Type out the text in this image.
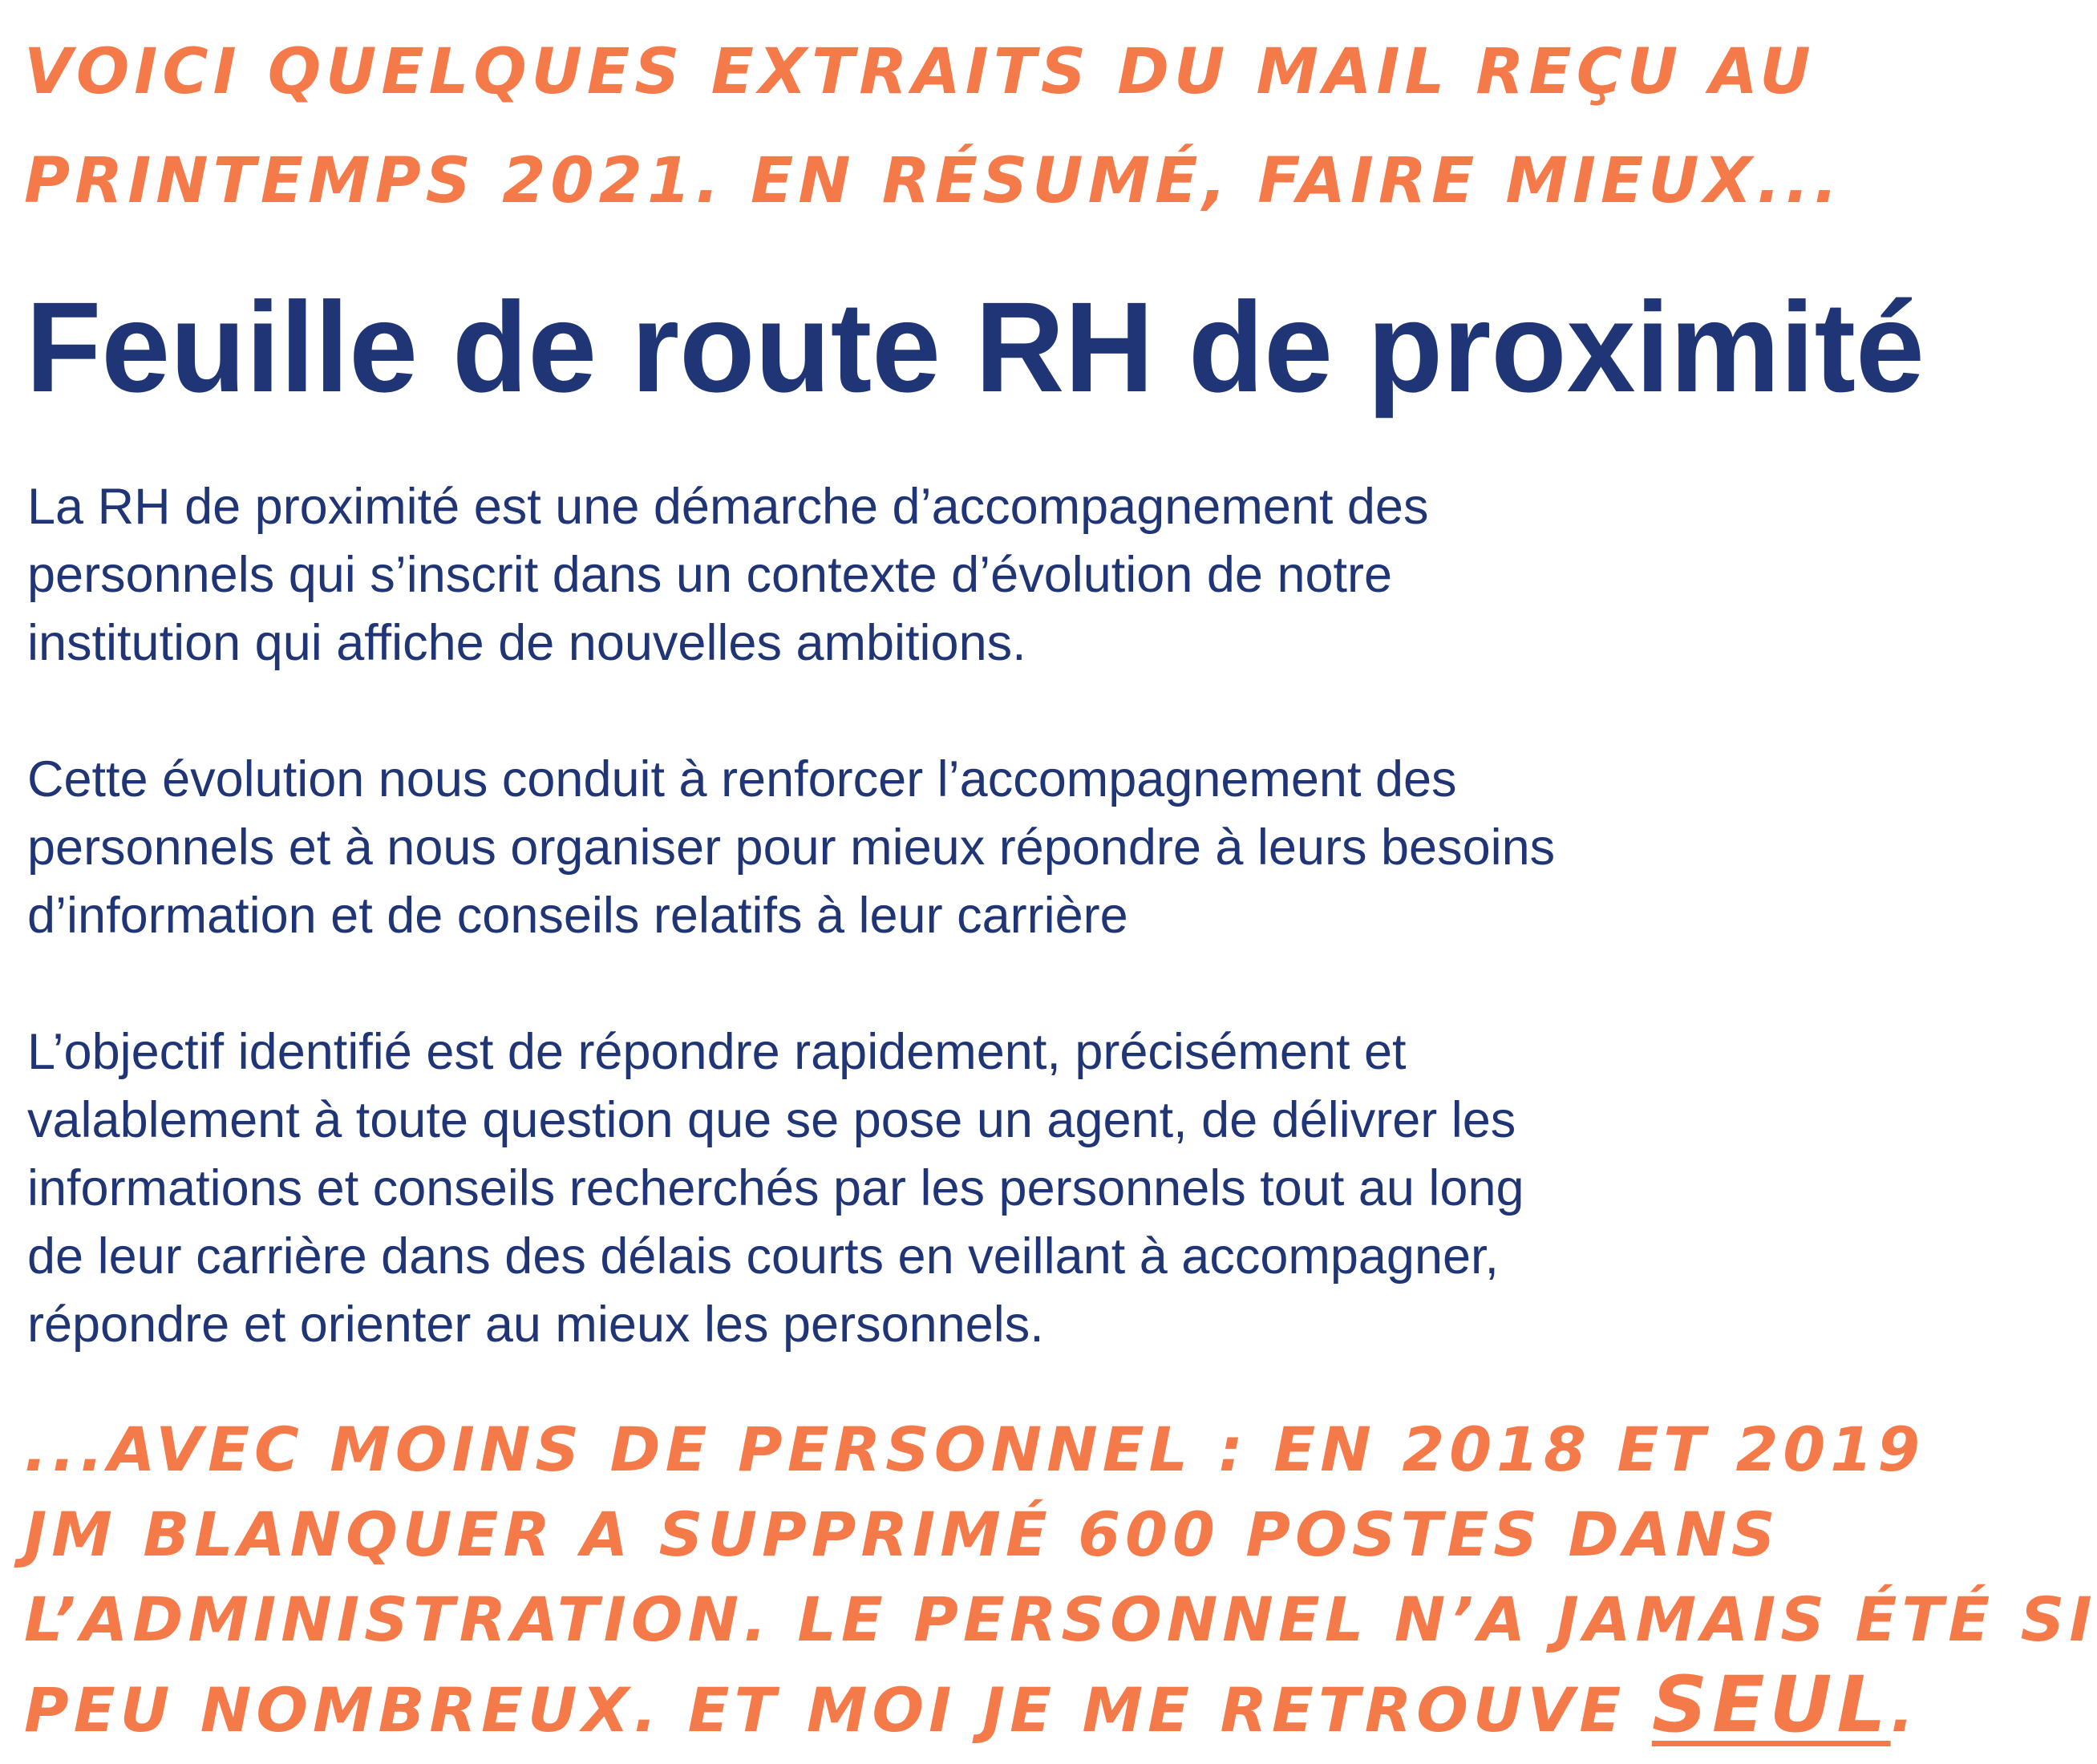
VOICI QUELQUES EXTRAITS DU MAIL REÇU AU
PRINTEMPS 2021. EN RÉSUMÉ, FAIRE MIEUX...
Feuille de route RH de proximité

La RH de proximité est une démarche d’accompagnement des
personnels qui s’inscrit dans un contexte d’évolution de notre
institution qui affiche de nouvelles ambitions.

Cette évolution nous conduit à renforcer l’accompagnement des
personnels et à nous organiser pour mieux répondre à leurs besoins
d’information et de conseils relatifs à leur carrière

L’objectif identifié est de répondre rapidement, précisément et
valablement à toute question que se pose un agent, de délivrer les
informations et conseils recherchés par les personnels tout au long
de leur carrière dans des délais courts en veillant à accompagner,
répondre et orienter au mieux les personnels.

...AVEC MOINS DE PERSONNEL : EN 2018 ET 2019
JM BLANQUER A SUPPRIMÉ 600 POSTES DANS
L’ADMINISTRATION. LE PERSONNEL N’A JAMAIS ÉTÉ SI
PEU NOMBREUX. ET MOI JE ME RETROUVE SEUL.
